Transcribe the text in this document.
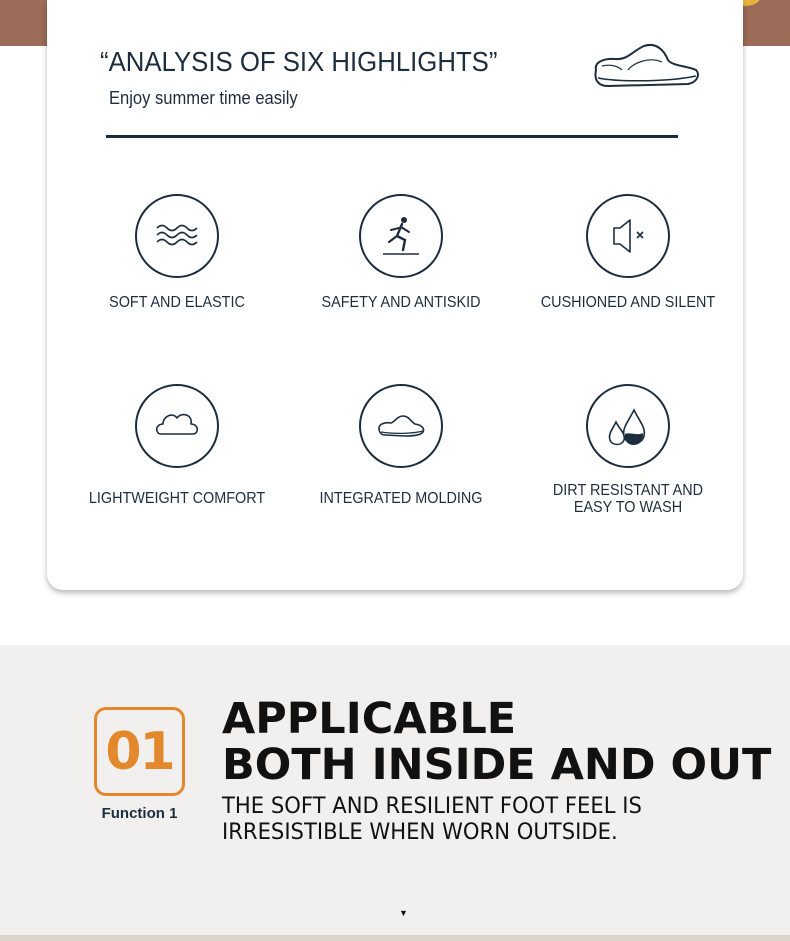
“ANALYSIS OF SIX HIGHLIGHTS”
Enjoy summer time easily
SOFT AND ELASTIC	SAFETY AND ANTISKID	CUSHIONED AND SILENT
LIGHTWEIGHT COMFORT	INTEGRATED MOLDING	DIRT RESISTANT AND
EASY TO WASH
01
Function 1
APPLICABLE
BOTH INSIDE AND OUT
THE SOFT AND RESILIENT FOOT FEEL IS
IRRESISTIBLE WHEN WORN OUTSIDE.
▼
